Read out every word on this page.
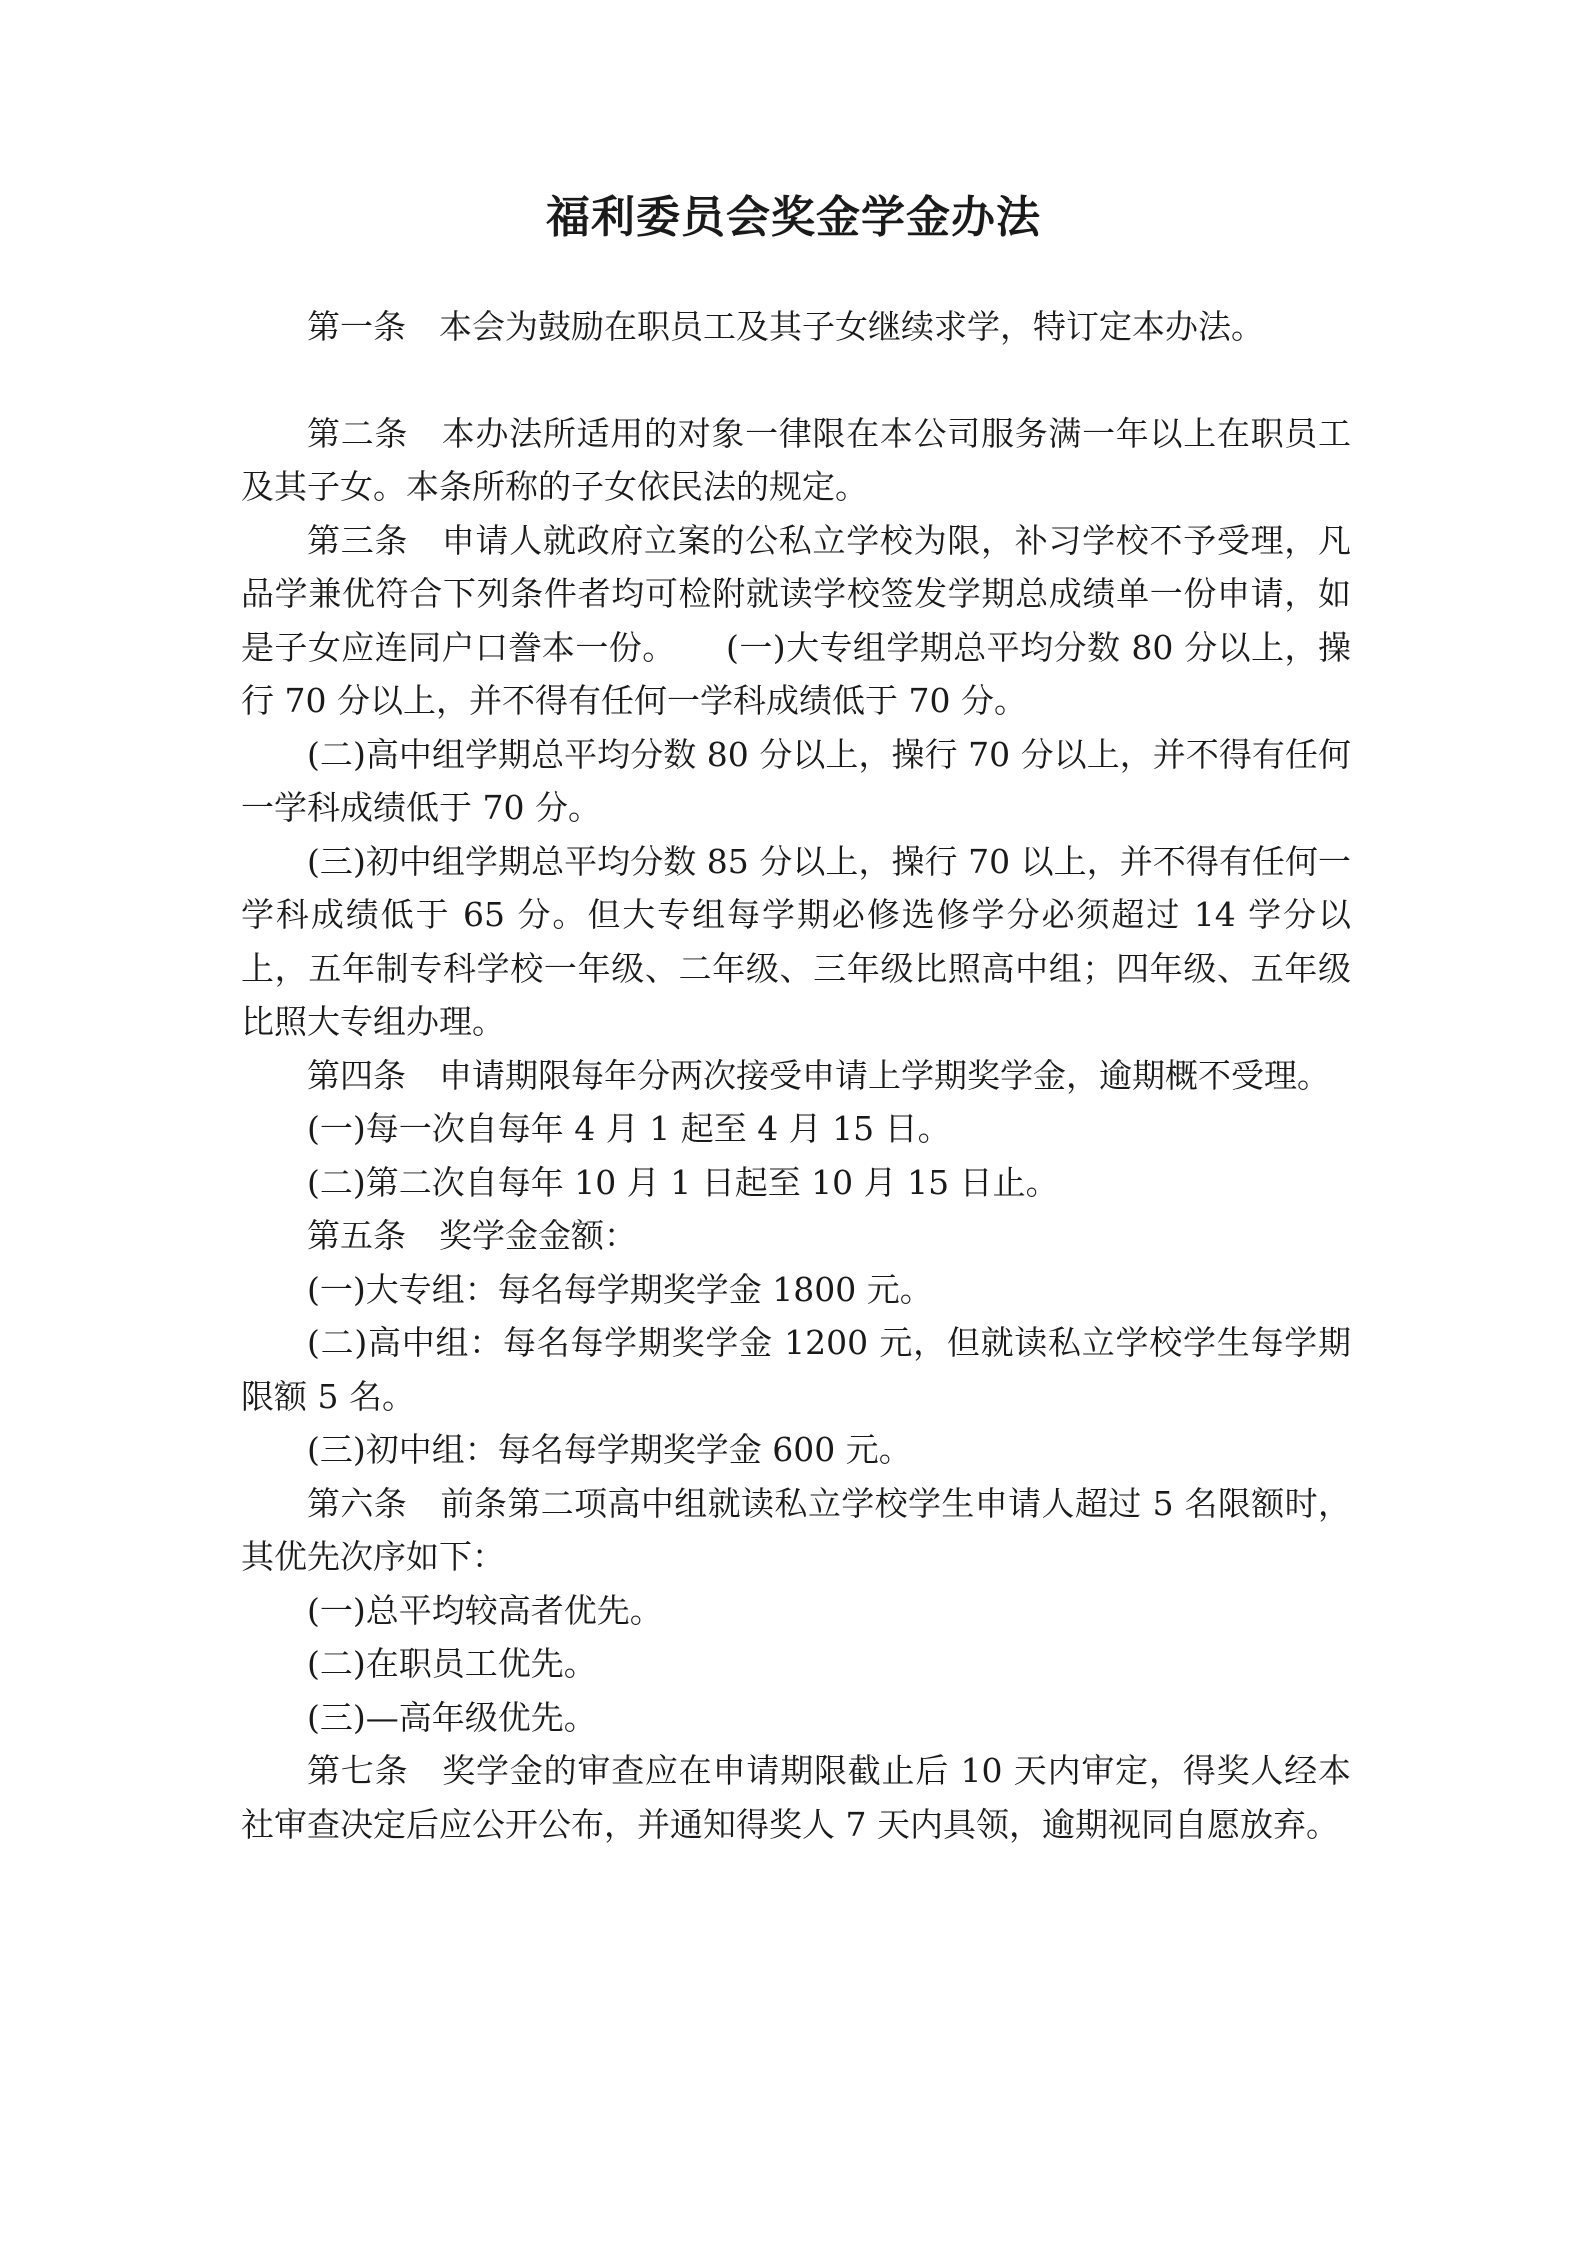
福利委员会奖金学金办法

第一条　本会为鼓励在职员工及其子女继续求学，特订定本办法。

第二条　本办法所适用的对象一律限在本公司服务满一年以上在职员工及其子女。本条所称的子女依民法的规定。

第三条　申请人就政府立案的公私立学校为限，补习学校不予受理，凡品学兼优符合下列条件者均可检附就读学校签发学期总成绩单一份申请，如是子女应连同户口誊本一份。　　(一)大专组学期总平均分数 80 分以上，操行 70 分以上，并不得有任何一学科成绩低于 70 分。

(二)高中组学期总平均分数 80 分以上，操行 70 分以上，并不得有任何一学科成绩低于 70 分。

(三)初中组学期总平均分数 85 分以上，操行 70 以上，并不得有任何一学科成绩低于 65 分。但大专组每学期必修选修学分必须超过 14 学分以上，五年制专科学校一年级、二年级、三年级比照高中组；四年级、五年级比照大专组办理。

第四条　申请期限每年分两次接受申请上学期奖学金，逾期概不受理。

(一)每一次自每年 4 月 1 起至 4 月 15 日。

(二)第二次自每年 10 月 1 日起至 10 月 15 日止。

第五条　奖学金金额：

(一)大专组：每名每学期奖学金 1800 元。

(二)高中组：每名每学期奖学金 1200 元，但就读私立学校学生每学期限额 5 名。

(三)初中组：每名每学期奖学金 600 元。

第六条　前条第二项高中组就读私立学校学生申请人超过 5 名限额时，其优先次序如下：

(一)总平均较高者优先。

(二)在职员工优先。

(三)—高年级优先。

第七条　奖学金的审查应在申请期限截止后 10 天内审定，得奖人经本社审查决定后应公开公布，并通知得奖人 7 天内具领，逾期视同自愿放弃。
